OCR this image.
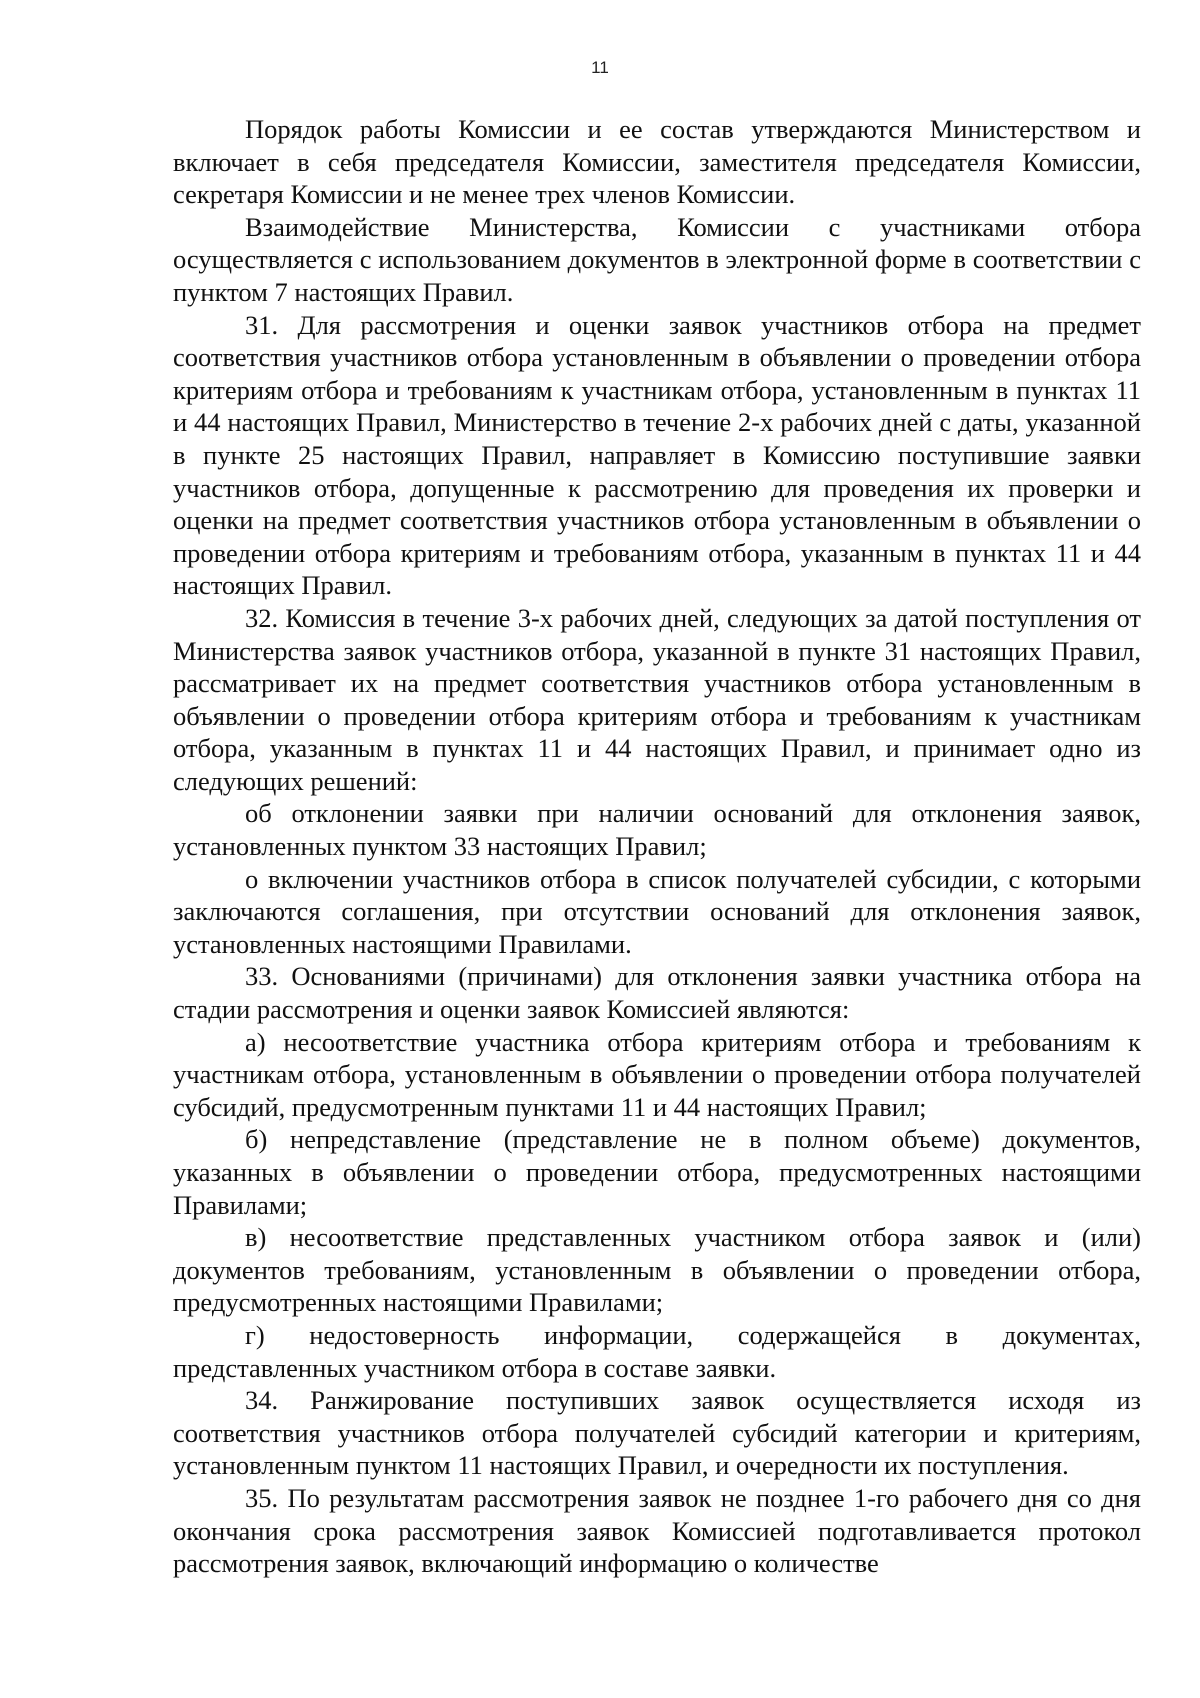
11

Порядок работы Комиссии и ее состав утверждаются Министерством и включает в себя председателя Комиссии, заместителя председателя Комиссии, секретаря Комиссии и не менее трех членов Комиссии.

Взаимодействие Министерства, Комиссии с участниками отбора осуществляется с использованием документов в электронной форме в соответствии с пунктом 7 настоящих Правил.

31. Для рассмотрения и оценки заявок участников отбора на предмет соответствия участников отбора установленным в объявлении о проведении отбора критериям отбора и требованиям к участникам отбора, установленным в пунктах 11 и 44 настоящих Правил, Министерство в течение 2-х рабочих дней с даты, указанной в пункте 25 настоящих Правил, направляет в Комиссию поступившие заявки участников отбора, допущенные к рассмотрению для проведения их проверки и оценки на предмет соответствия участников отбора установленным в объявлении о проведении отбора критериям и требованиям отбора, указанным в пунктах 11 и 44 настоящих Правил.

32. Комиссия в течение 3-х рабочих дней, следующих за датой поступления от Министерства заявок участников отбора, указанной в пункте 31 настоящих Правил, рассматривает их на предмет соответствия участников отбора установленным в объявлении о проведении отбора критериям отбора и требованиям к участникам отбора, указанным в пунктах 11 и 44 настоящих Правил, и принимает одно из следующих решений:

об отклонении заявки при наличии оснований для отклонения заявок, установленных пунктом 33 настоящих Правил;

о включении участников отбора в список получателей субсидии, с которыми заключаются соглашения, при отсутствии оснований для отклонения заявок, установленных настоящими Правилами.

33. Основаниями (причинами) для отклонения заявки участника отбора на стадии рассмотрения и оценки заявок Комиссией являются:

а) несоответствие участника отбора критериям отбора и требованиям к участникам отбора, установленным в объявлении о проведении отбора получателей субсидий, предусмотренным пунктами 11 и 44 настоящих Правил;

б) непредставление (представление не в полном объеме) документов, указанных в объявлении о проведении отбора, предусмотренных настоящими Правилами;

в) несоответствие представленных участником отбора заявок и (или) документов требованиям, установленным в объявлении о проведении отбора, предусмотренных настоящими Правилами;

г) недостоверность информации, содержащейся в документах, представленных участником отбора в составе заявки.

34. Ранжирование поступивших заявок осуществляется исходя из соответствия участников отбора получателей субсидий категории и критериям, установленным пунктом 11 настоящих Правил, и очередности их поступления.

35. По результатам рассмотрения заявок не позднее 1-го рабочего дня со дня окончания срока рассмотрения заявок Комиссией подготавливается протокол рассмотрения заявок, включающий информацию о количестве
